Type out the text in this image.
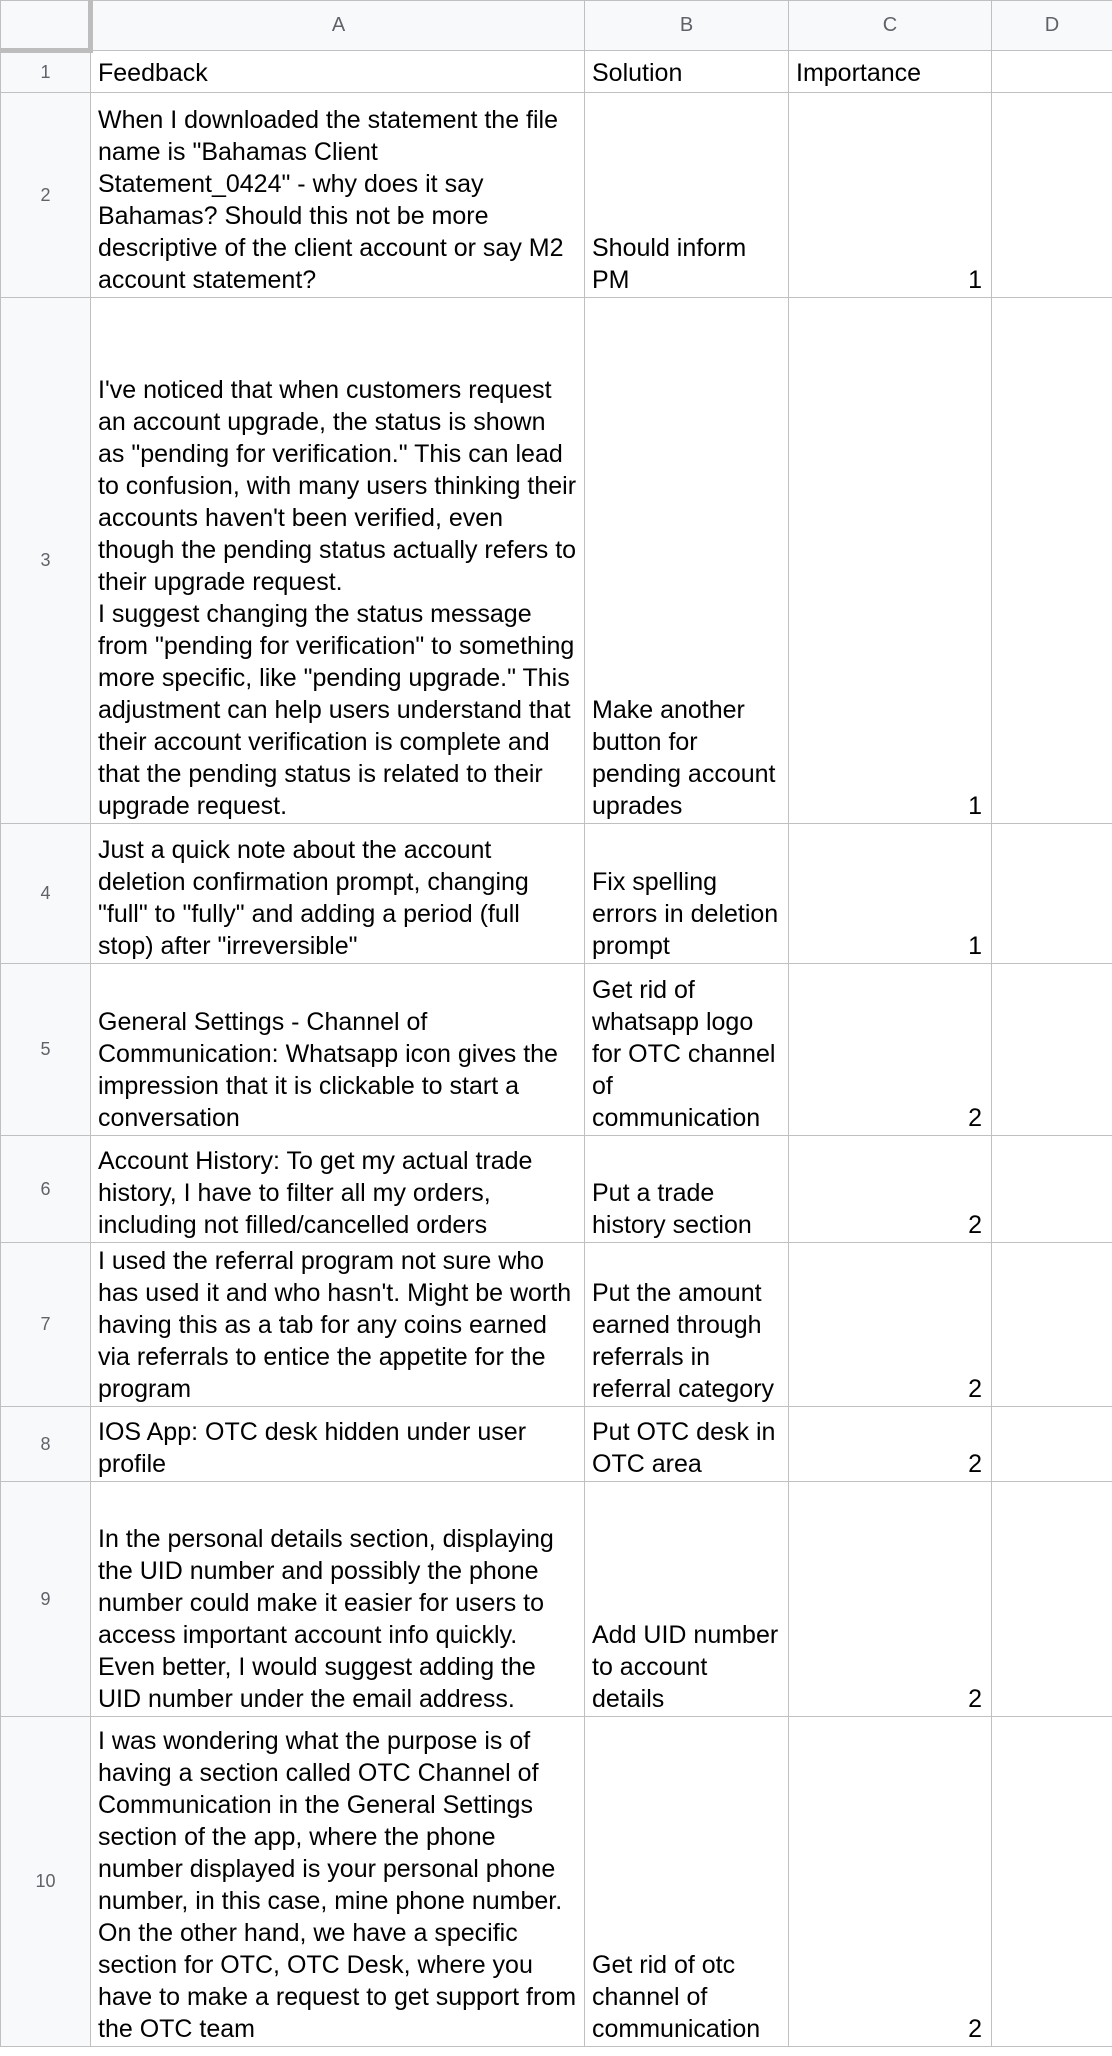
	A	B	C	D
1	Feedback	Solution	Importance	
2	When I downloaded the statement the file name is "Bahamas Client Statement_0424" - why does it say Bahamas? Should this not be more descriptive of the client account or say M2 account statement?	Should inform PM	1	
3	I've noticed that when customers request an account upgrade, the status is shown as "pending for verification." This can lead to confusion, with many users thinking their accounts haven't been verified, even though the pending status actually refers to their upgrade request.
I suggest changing the status message from "pending for verification" to something more specific, like "pending upgrade." This adjustment can help users understand that their account verification is complete and that the pending status is related to their upgrade request.	Make another button for pending account uprades	1	
4	Just a quick note about the account deletion confirmation prompt, changing "full" to "fully" and adding a period (full stop) after "irreversible"	Fix spelling errors in deletion prompt	1	
5	General Settings - Channel of Communication: Whatsapp icon gives the impression that it is clickable to start a conversation	Get rid of whatsapp logo for OTC channel of communication	2	
6	Account History: To get my actual trade history, I have to filter all my orders, including not filled/cancelled orders	Put a trade history section	2	
7	I used the referral program not sure who has used it and who hasn't. Might be worth having this as a tab for any coins earned via referrals to entice the appetite for the program	Put the amount earned through referrals in referral category	2	
8	IOS App: OTC desk hidden under user profile	Put OTC desk in OTC area	2	
9	In the personal details section, displaying the UID number and possibly the phone number could make it easier for users to access important account info quickly. Even better, I would suggest adding the UID number under the email address.	Add UID number to account details	2	
10	I was wondering what the purpose is of having a section called OTC Channel of Communication in the General Settings section of the app, where the phone number displayed is your personal phone number, in this case, mine phone number. On the other hand, we have a specific section for OTC, OTC Desk, where you have to make a request to get support from the OTC team	Get rid of otc channel of communication	2	
